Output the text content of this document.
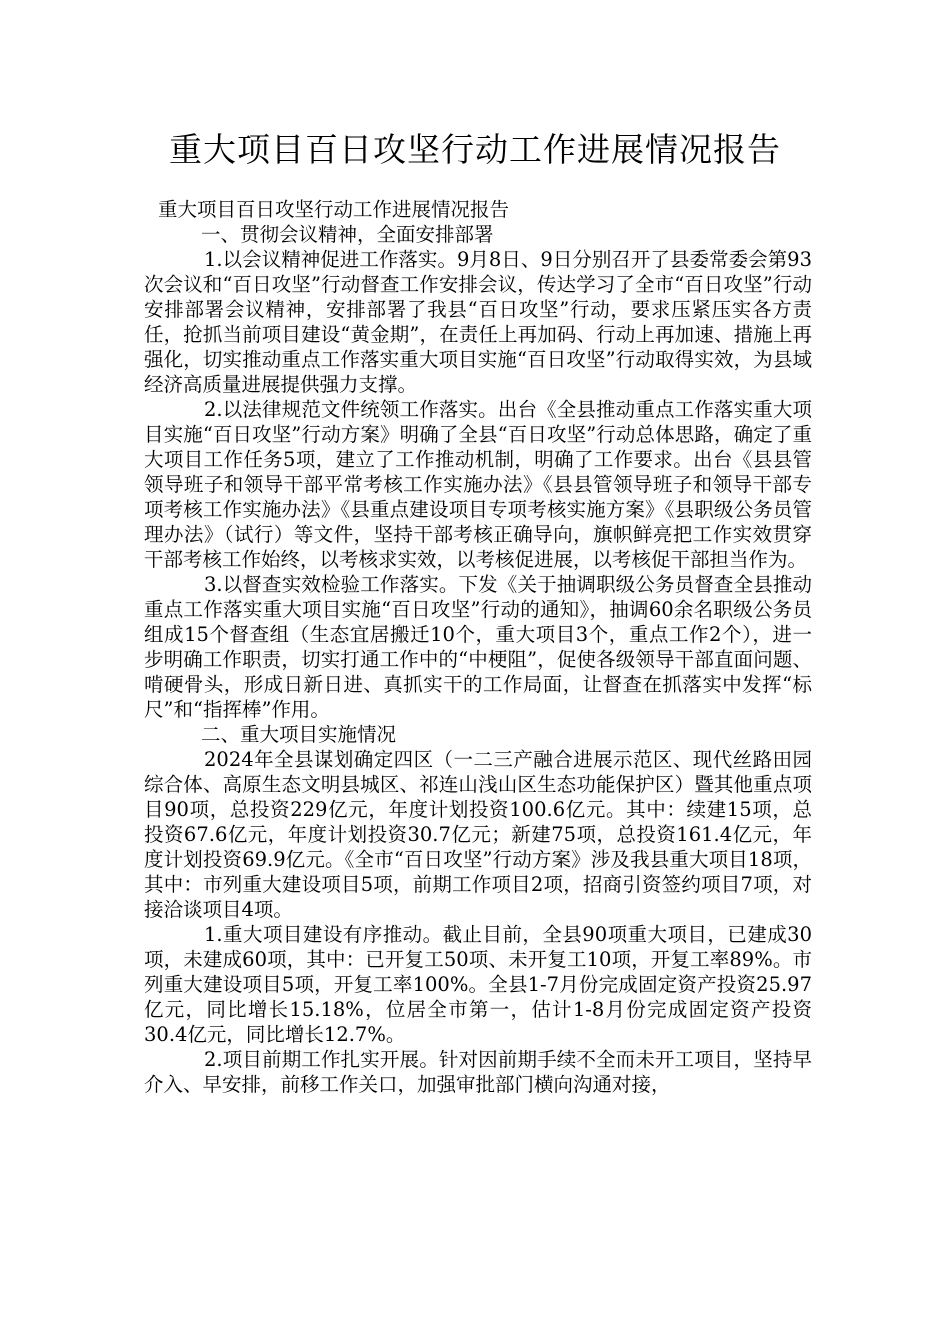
重大项目百日攻坚行动工作进展情况报告

重大项目百日攻坚行动工作进展情况报告

一、贯彻会议精神，全面安排部署

1.以会议精神促进工作落实。9月8日、9日分别召开了县委常委会第93次会议和“百日攻坚”行动督查工作安排会议，传达学习了全市“百日攻坚”行动安排部署会议精神，安排部署了我县“百日攻坚”行动，要求压紧压实各方责任，抢抓当前项目建设“黄金期”，在责任上再加码、行动上再加速、措施上再强化，切实推动重点工作落实重大项目实施“百日攻坚”行动取得实效，为县域经济高质量进展提供强力支撑。

2.以法律规范文件统领工作落实。出台《全县推动重点工作落实重大项目实施“百日攻坚”行动方案》明确了全县“百日攻坚”行动总体思路，确定了重大项目工作任务5项，建立了工作推动机制，明确了工作要求。出台《县县管领导班子和领导干部平常考核工作实施办法》《县县管领导班子和领导干部专项考核工作实施办法》《县重点建设项目专项考核实施方案》《县职级公务员管理办法》（试行）等文件，坚持干部考核正确导向，旗帜鲜亮把工作实效贯穿干部考核工作始终，以考核求实效，以考核促进展，以考核促干部担当作为。

3.以督查实效检验工作落实。下发《关于抽调职级公务员督查全县推动重点工作落实重大项目实施“百日攻坚”行动的通知》，抽调60余名职级公务员组成15个督查组（生态宜居搬迁10个，重大项目3个，重点工作2个），进一步明确工作职责，切实打通工作中的“中梗阻”，促使各级领导干部直面问题、啃硬骨头，形成日新日进、真抓实干的工作局面，让督查在抓落实中发挥“标尺”和“指挥棒”作用。

二、重大项目实施情况

2024年全县谋划确定四区（一二三产融合进展示范区、现代丝路田园综合体、高原生态文明县城区、祁连山浅山区生态功能保护区）暨其他重点项目90项，总投资229亿元，年度计划投资100.6亿元。其中：续建15项，总投资67.6亿元，年度计划投资30.7亿元；新建75项，总投资161.4亿元，年度计划投资69.9亿元。《全市“百日攻坚”行动方案》涉及我县重大项目18项，其中：市列重大建设项目5项，前期工作项目2项，招商引资签约项目7项，对接洽谈项目4项。

1.重大项目建设有序推动。截止目前，全县90项重大项目，已建成30项，未建成60项，其中：已开复工50项、未开复工10项，开复工率89%。市列重大建设项目5项，开复工率100%。全县1-7月份完成固定资产投资25.97亿元，同比增长15.18%，位居全市第一，估计1-8月份完成固定资产投资30.4亿元，同比增长12.7%。

2.项目前期工作扎实开展。针对因前期手续不全而未开工项目，坚持早介入、早安排，前移工作关口，加强审批部门横向沟通对接，
